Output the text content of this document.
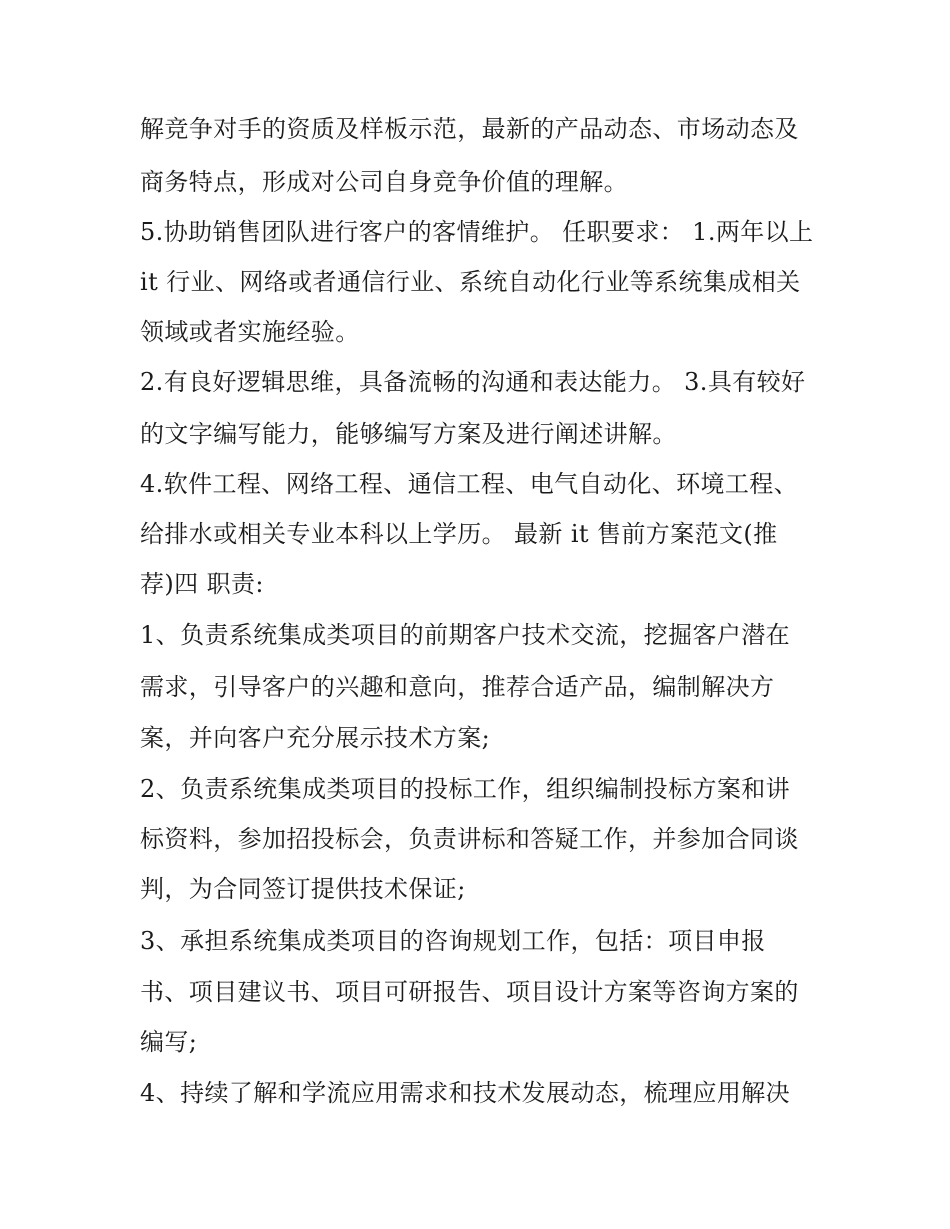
解竞争对手的资质及样板示范，最新的产品动态、市场动态及
商务特点，形成对公司自身竞争价值的理解。
5.协助销售团队进行客户的客情维护。 任职要求： 1.两年以上
it 行业、网络或者通信行业、系统自动化行业等系统集成相关
领域或者实施经验。
2.有良好逻辑思维，具备流畅的沟通和表达能力。 3.具有较好
的文字编写能力，能够编写方案及进行阐述讲解。
4.软件工程、网络工程、通信工程、电气自动化、环境工程、
给排水或相关专业本科以上学历。 最新 it 售前方案范文(推
荐)四 职责:
1、负责系统集成类项目的前期客户技术交流，挖掘客户潜在
需求，引导客户的兴趣和意向，推荐合适产品，编制解决方
案，并向客户充分展示技术方案;
2、负责系统集成类项目的投标工作，组织编制投标方案和讲
标资料，参加招投标会，负责讲标和答疑工作，并参加合同谈
判，为合同签订提供技术保证;
3、承担系统集成类项目的咨询规划工作，包括：项目申报
书、项目建议书、项目可研报告、项目设计方案等咨询方案的
编写;
4、持续了解和学流应用需求和技术发展动态，梳理应用解决
